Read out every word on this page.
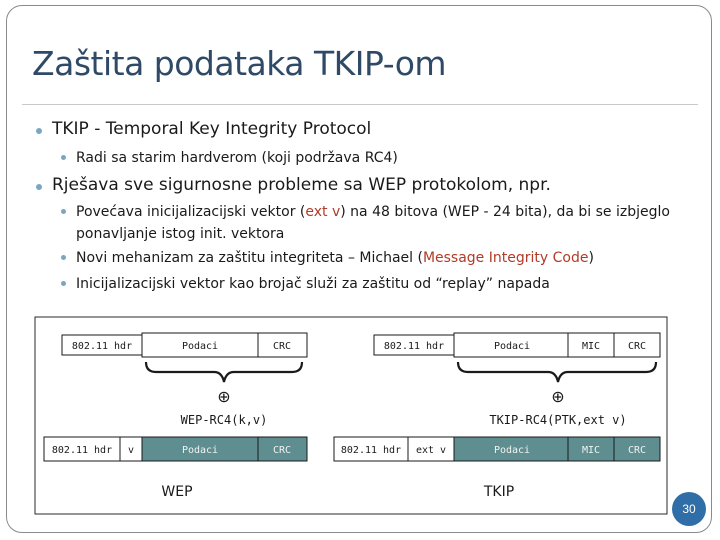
Zaštita podataka TKIP-om
TKIP - Temporal Key Integrity Protocol
Radi sa starim hardverom (koji podržava RC4)
Rješava sve sigurnosne probleme sa WEP protokolom, npr.
Povećava inicijalizacijski vektor (ext v) na 48 bitova (WEP - 24 bita), da bi se izbjeglo
ponavljanje istog init. vektora
Novi mehanizam za zaštitu integriteta – Michael (Message Integrity Code)
Inicijalizacijski vektor kao brojač služi za zaštitu od “replay” napada
802.11 hdr	Podaci	CRC
⊕
WEP-RC4(k,v)
802.11 hdr v	Podaci	CRC
WEP
802.11 hdr	Podaci	MIC	CRC
⊕
TKIP-RC4(PTK,ext v)
802.11 hdr ext v	Podaci	MIC	CRC
TKIP
30
